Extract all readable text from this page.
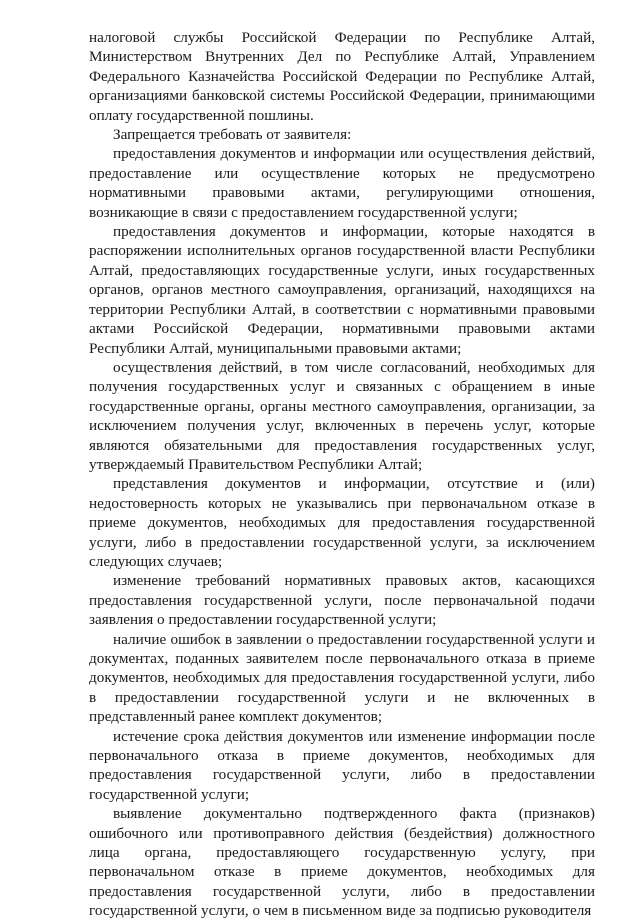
налоговой службы Российской Федерации по Республике Алтай, Министерством Внутренних Дел по Республике Алтай, Управлением Федерального Казначейства Российской Федерации по Республике Алтай, организациями банковской системы Российской Федерации, принимающими оплату государственной пошлины.

Запрещается требовать от заявителя:

предоставления документов и информации или осуществления действий, предоставление или осуществление которых не предусмотрено нормативными правовыми актами, регулирующими отношения, возникающие в связи с предоставлением государственной услуги;

предоставления документов и информации, которые находятся в распоряжении исполнительных органов государственной власти Республики Алтай, предоставляющих государственные услуги, иных государственных органов, органов местного самоуправления, организаций, находящихся на территории Республики Алтай, в соответствии с нормативными правовыми актами Российской Федерации, нормативными правовыми актами Республики Алтай, муниципальными правовыми актами;

осуществления действий, в том числе согласований, необходимых для получения государственных услуг и связанных с обращением в иные государственные органы, органы местного самоуправления, организации, за исключением получения услуг, включенных в перечень услуг, которые являются обязательными для предоставления государственных услуг, утверждаемый Правительством Республики Алтай;

представления документов и информации, отсутствие и (или) недостоверность которых не указывались при первоначальном отказе в приеме документов, необходимых для предоставления государственной услуги, либо в предоставлении государственной услуги, за исключением следующих случаев;

изменение требований нормативных правовых актов, касающихся предоставления государственной услуги, после первоначальной подачи заявления о предоставлении государственной услуги;

наличие ошибок в заявлении о предоставлении государственной услуги и документах, поданных заявителем после первоначального отказа в приеме документов, необходимых для предоставления государственной услуги, либо в предоставлении государственной услуги и не включенных в представленный ранее комплект документов;

истечение срока действия документов или изменение информации после первоначального отказа в приеме документов, необходимых для предоставления государственной услуги, либо в предоставлении государственной услуги;

выявление документально подтвержденного факта (признаков) ошибочного или противоправного действия (бездействия) должностного лица органа, предоставляющего государственную услугу, при первоначальном отказе в приеме документов, необходимых для предоставления государственной услуги, либо в предоставлении государственной услуги, о чем в письменном виде за подписью руководителя
